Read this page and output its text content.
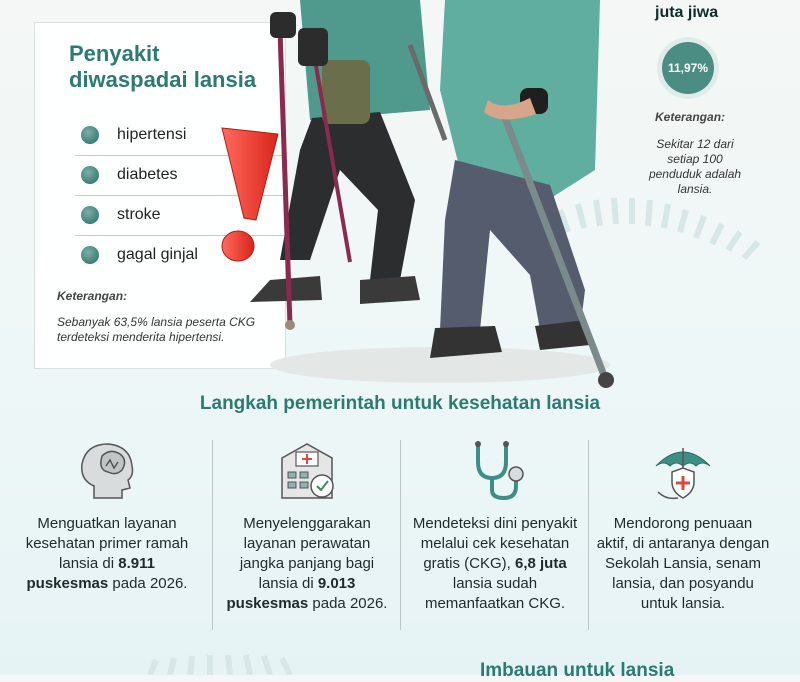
Penyakit diwaspadai lansia
hipertensi
diabetes
stroke
gagal ginjal
Keterangan:
Sebanyak 63,5% lansia peserta CKG terdeteksi menderita hipertensi.
juta jiwa
11,97%
Keterangan:
Sekitar 12 dari setiap 100 penduduk adalah lansia.
Langkah pemerintah untuk kesehatan lansia
Menguatkan layanan kesehatan primer ramah lansia di 8.911 puskesmas pada 2026.
Menyelenggarakan layanan perawatan jangka panjang bagi lansia di 9.013 puskesmas pada 2026.
Mendeteksi dini penyakit melalui cek kesehatan gratis (CKG), 6,8 juta lansia sudah memanfaatkan CKG.
Mendorong penuaan aktif, di antaranya dengan Sekolah Lansia, senam lansia, dan posyandu untuk lansia.
Imbauan untuk lansia
